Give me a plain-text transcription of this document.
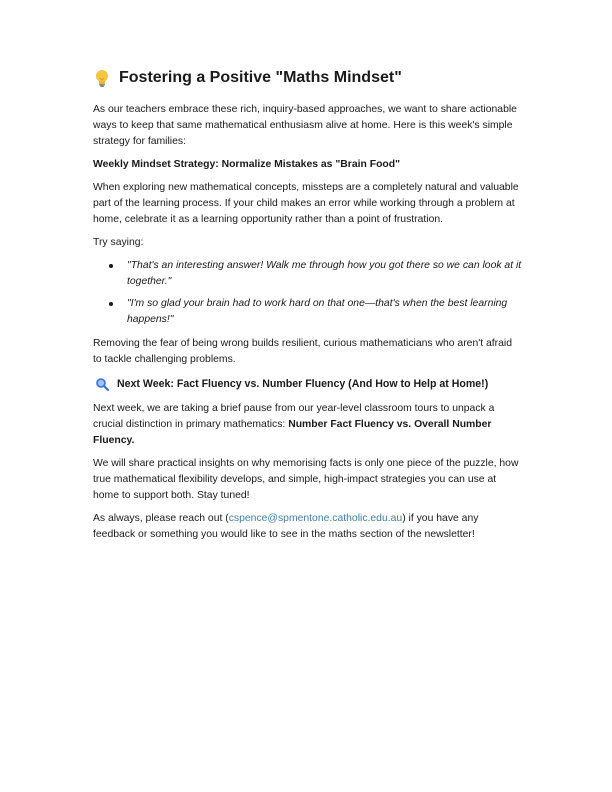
Fostering a Positive "Maths Mindset"

As our teachers embrace these rich, inquiry-based approaches, we want to share actionable ways to keep that same mathematical enthusiasm alive at home. Here is this week's simple strategy for families:

Weekly Mindset Strategy: Normalize Mistakes as "Brain Food"

When exploring new mathematical concepts, missteps are a completely natural and valuable part of the learning process. If your child makes an error while working through a problem at home, celebrate it as a learning opportunity rather than a point of frustration.

Try saying:

"That's an interesting answer! Walk me through how you got there so we can look at it together."
"I'm so glad your brain had to work hard on that one—that's when the best learning happens!"

Removing the fear of being wrong builds resilient, curious mathematicians who aren't afraid to tackle challenging problems.

Next Week: Fact Fluency vs. Number Fluency (And How to Help at Home!)

Next week, we are taking a brief pause from our year-level classroom tours to unpack a crucial distinction in primary mathematics: Number Fact Fluency vs. Overall Number Fluency.

We will share practical insights on why memorising facts is only one piece of the puzzle, how true mathematical flexibility develops, and simple, high-impact strategies you can use at home to support both. Stay tuned!

As always, please reach out (cspence@spmentone.catholic.edu.au) if you have any feedback or something you would like to see in the maths section of the newsletter!
